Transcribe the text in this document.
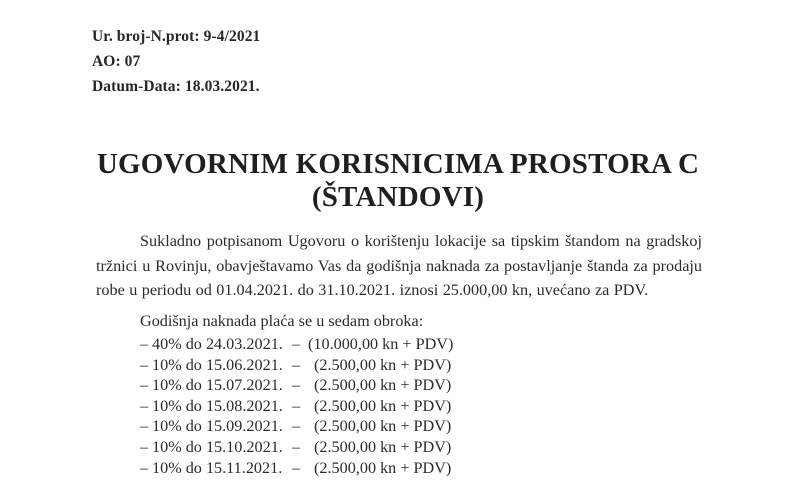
Ur. broj-N.prot: 9-4/2021
AO: 07
Datum-Data: 18.03.2021.
UGOVORNIM KORISNICIMA PROSTORA C
(ŠTANDOVI)
Sukladno potpisanom Ugovoru o korištenju lokacije sa tipskim štandom na gradskoj tržnici u Rovinju, obavještavamo Vas da godišnja naknada za postavljanje štanda za prodaju robe u periodu od 01.04.2021. do 31.10.2021. iznosi 25.000,00 kn, uvećano za PDV.
Godišnja naknada plaća se u sedam obroka:
– 40% do 24.03.2021. – (10.000,00 kn + PDV)
– 10% do 15.06.2021. – (2.500,00 kn + PDV)
– 10% do 15.07.2021. – (2.500,00 kn + PDV)
– 10% do 15.08.2021. – (2.500,00 kn + PDV)
– 10% do 15.09.2021. – (2.500,00 kn + PDV)
– 10% do 15.10.2021. – (2.500,00 kn + PDV)
– 10% do 15.11.2021. – (2.500,00 kn + PDV)
